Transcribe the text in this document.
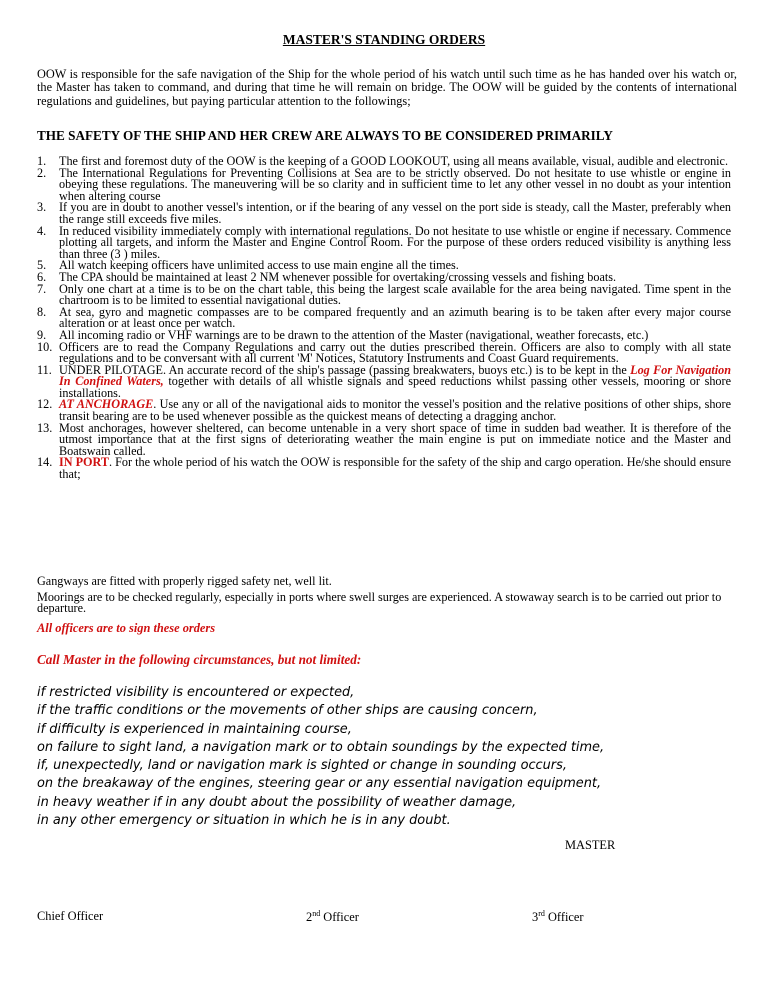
MASTER'S STANDING ORDERS
OOW is responsible for the safe navigation of the Ship for the whole period of his watch until such time as he has handed over his watch or, the Master has taken to command, and during that time he will remain on bridge. The OOW will be guided by the contents of international regulations and guidelines, but paying particular attention to the followings;
THE SAFETY OF THE SHIP AND HER CREW ARE ALWAYS TO BE CONSIDERED PRIMARILY
1. The first and foremost duty of the OOW is the keeping of a GOOD LOOKOUT, using all means available, visual, audible and electronic.
2. The International Regulations for Preventing Collisions at Sea are to be strictly observed. Do not hesitate to use whistle or engine in obeying these regulations. The maneuvering will be so clarity and in sufficient time to let any other vessel in no doubt as your intention when altering course
3. If you are in doubt to another vessel's intention, or if the bearing of any vessel on the port side is steady, call the Master, preferably when the range still exceeds five miles.
4. In reduced visibility immediately comply with international regulations. Do not hesitate to use whistle or engine if necessary. Commence plotting all targets, and inform the Master and Engine Control Room. For the purpose of these orders reduced visibility is anything less than three (3 ) miles.
5. All watch keeping officers have unlimited access to use main engine all the times.
6. The CPA should be maintained at least 2 NM whenever possible for overtaking/crossing vessels and fishing boats.
7. Only one chart at a time is to be on the chart table, this being the largest scale available for the area being navigated. Time spent in the chartroom is to be limited to essential navigational duties.
8. At sea, gyro and magnetic compasses are to be compared frequently and an azimuth bearing is to be taken after every major course alteration or at least once per watch.
9. All incoming radio or VHF warnings are to be drawn to the attention of the Master (navigational, weather forecasts, etc.)
10. Officers are to read the Company Regulations and carry out the duties prescribed therein. Officers are also to comply with all state regulations and to be conversant with all current 'M' Notices, Statutory Instruments and Coast Guard requirements.
11. UNDER PILOTAGE. An accurate record of the ship's passage (passing breakwaters, buoys etc.) is to be kept in the Log For Navigation In Confined Waters, together with details of all whistle signals and speed reductions whilst passing other vessels, mooring or shore installations.
12. AT ANCHORAGE. Use any or all of the navigational aids to monitor the vessel's position and the relative positions of other ships, shore transit bearing are to be used whenever possible as the quickest means of detecting a dragging anchor.
13. Most anchorages, however sheltered, can become untenable in a very short space of time in sudden bad weather. It is therefore of the utmost importance that at the first signs of deteriorating weather the main engine is put on immediate notice and the Master and Boatswain called.
14. IN PORT. For the whole period of his watch the OOW is responsible for the safety of the ship and cargo operation. He/she should ensure that;

Gangways are fitted with properly rigged safety net, well lit.

Moorings are to be checked regularly, especially in ports where swell surges are experienced. A stowaway search is to be carried out prior to departure.

All officers are to sign these orders
Call Master in the following circumstances, but not limited:
if restricted visibility is encountered or expected,
if the traffic conditions or the movements of other ships are causing concern,
if difficulty is experienced in maintaining course,
on failure to sight land, a navigation mark or to obtain soundings by the expected time,
if, unexpectedly, land or navigation mark is sighted or change in sounding occurs,
on the breakaway of the engines, steering gear or any essential navigation equipment,
in heavy weather if in any doubt about the possibility of weather damage,
in any other emergency or situation in which he is in any doubt.
MASTER
Chief Officer	2nd Officer	3rd Officer
